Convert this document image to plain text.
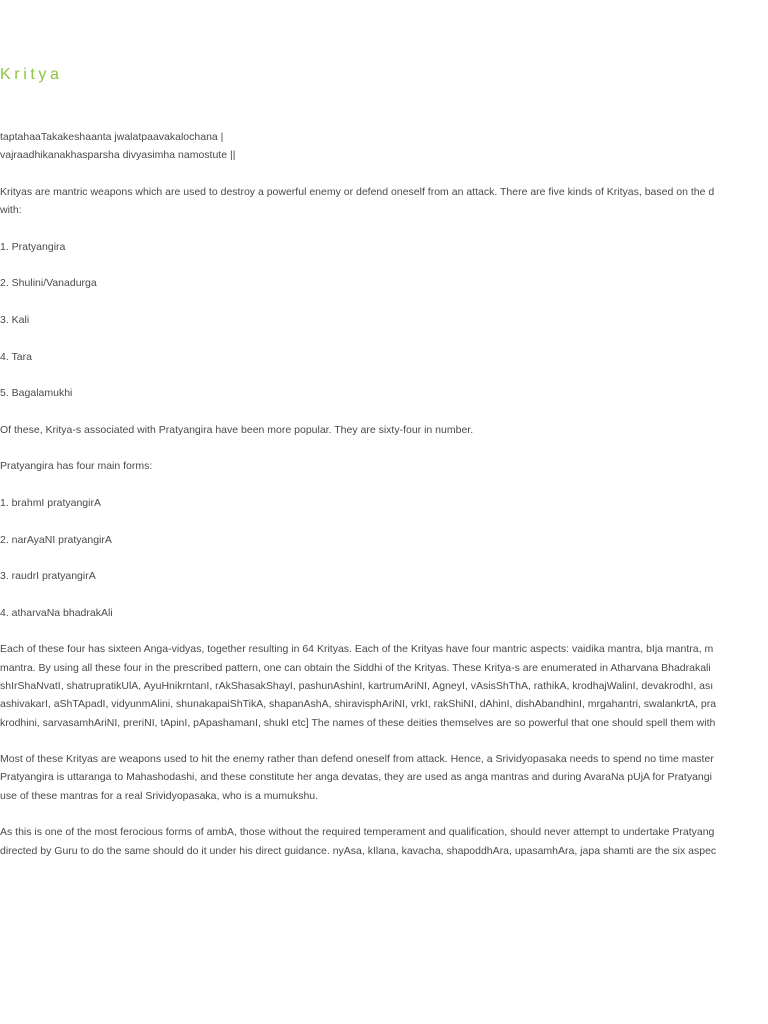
Kritya

taptahaaTakakeshaanta jwalatpaavakalochana |
vajraadhikanakhasparsha divyasimha namostute ||

Krityas are mantric weapons which are used to destroy a powerful enemy or defend oneself from an attack. There are five kinds of Krityas, based on the d
with:

1. Pratyangira

2. Shulini/Vanadurga

3. Kali

4. Tara

5. Bagalamukhi

Of these, Kritya-s associated with Pratyangira have been more popular. They are sixty-four in number.

Pratyangira has four main forms:

1. brahmI pratyangirA

2. narAyaNI pratyangirA

3. raudrI pratyangirA

4. atharvaNa bhadrakAli

Each of these four has sixteen Anga-vidyas, together resulting in 64 Krityas. Each of the Krityas have four mantric aspects: vaidika mantra, bIja mantra, m
mantra. By using all these four in the prescribed pattern, one can obtain the Siddhi of the Krityas. These Kritya-s are enumerated in Atharvana Bhadrakali
shIrShaNvatI, shatrupratikUlA, AyuHnikrntanI, rAkShasakShayI, pashunAshinI, kartrumAriNI, AgneyI, vAsisShThA, rathikA, krodhajWalinI, devakrodhI, ası
ashivakarI, aShTApadI, vidyunmAlini, shunakapaiShTikA, shapanAshA, shiravisphAriNI, vrkI, rakShiNI, dAhinI, dishAbandhinI, mrgahantri, swalankrtA, pra
krodhini, sarvasamhAriNI, preriNI, tApinI, pApashamanI, shukI etc] The names of these deities themselves are so powerful that one should spell them with

Most of these Krityas are weapons used to hit the enemy rather than defend oneself from attack. Hence, a Srividyopasaka needs to spend no time master
Pratyangira is uttaranga to Mahashodashi, and these constitute her anga devatas, they are used as anga mantras and during AvaraNa pUjA for Pratyangi
use of these mantras for a real Srividyopasaka, who is a mumukshu.

As this is one of the most ferocious forms of ambA, those without the required temperament and qualification, should never attempt to undertake Pratyang
directed by Guru to do the same should do it under his direct guidance. nyAsa, kIlana, kavacha, shapoddhAra, upasamhAra, japa shamti are the six aspec
